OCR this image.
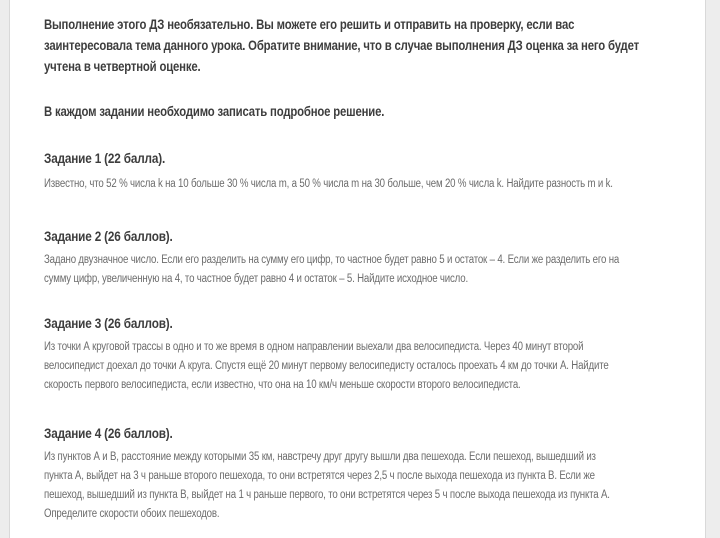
Выполнение этого ДЗ необязательно. Вы можете его решить и отправить на проверку, если вас
заинтересовала тема данного урока. Обратите внимание, что в случае выполнения ДЗ оценка за него будет
учтена в четвертной оценке.
В каждом задании необходимо записать подробное решение.
Задание 1 (22 балла).
Известно, что 52 % числа k на 10 больше 30 % числа m, а 50 % числа m на 30 больше, чем 20 % числа k. Найдите разность m и k.
Задание 2 (26 баллов).
Задано двузначное число. Если его разделить на сумму его цифр, то частное будет равно 5 и остаток – 4. Если же разделить его на
сумму цифр, увеличенную на 4, то частное будет равно 4 и остаток – 5. Найдите исходное число.
Задание 3 (26 баллов).
Из точки А круговой трассы в одно и то же время в одном направлении выехали два велосипедиста. Через 40 минут второй
велосипедист доехал до точки А круга. Спустя ещё 20 минут первому велосипедисту осталось проехать 4 км до точки А. Найдите
скорость первого велосипедиста, если известно, что она на 10 км/ч меньше скорости второго велосипедиста.
Задание 4 (26 баллов).
Из пунктов А и В, расстояние между которыми 35 км, навстречу друг другу вышли два пешехода. Если пешеход, вышедший из
пункта А, выйдет на 3 ч раньше второго пешехода, то они встретятся через 2,5 ч после выхода пешехода из пункта В. Если же
пешеход, вышедший из пункта В, выйдет на 1 ч раньше первого, то они встретятся через 5 ч после выхода пешехода из пункта А.
Определите скорости обоих пешеходов.
